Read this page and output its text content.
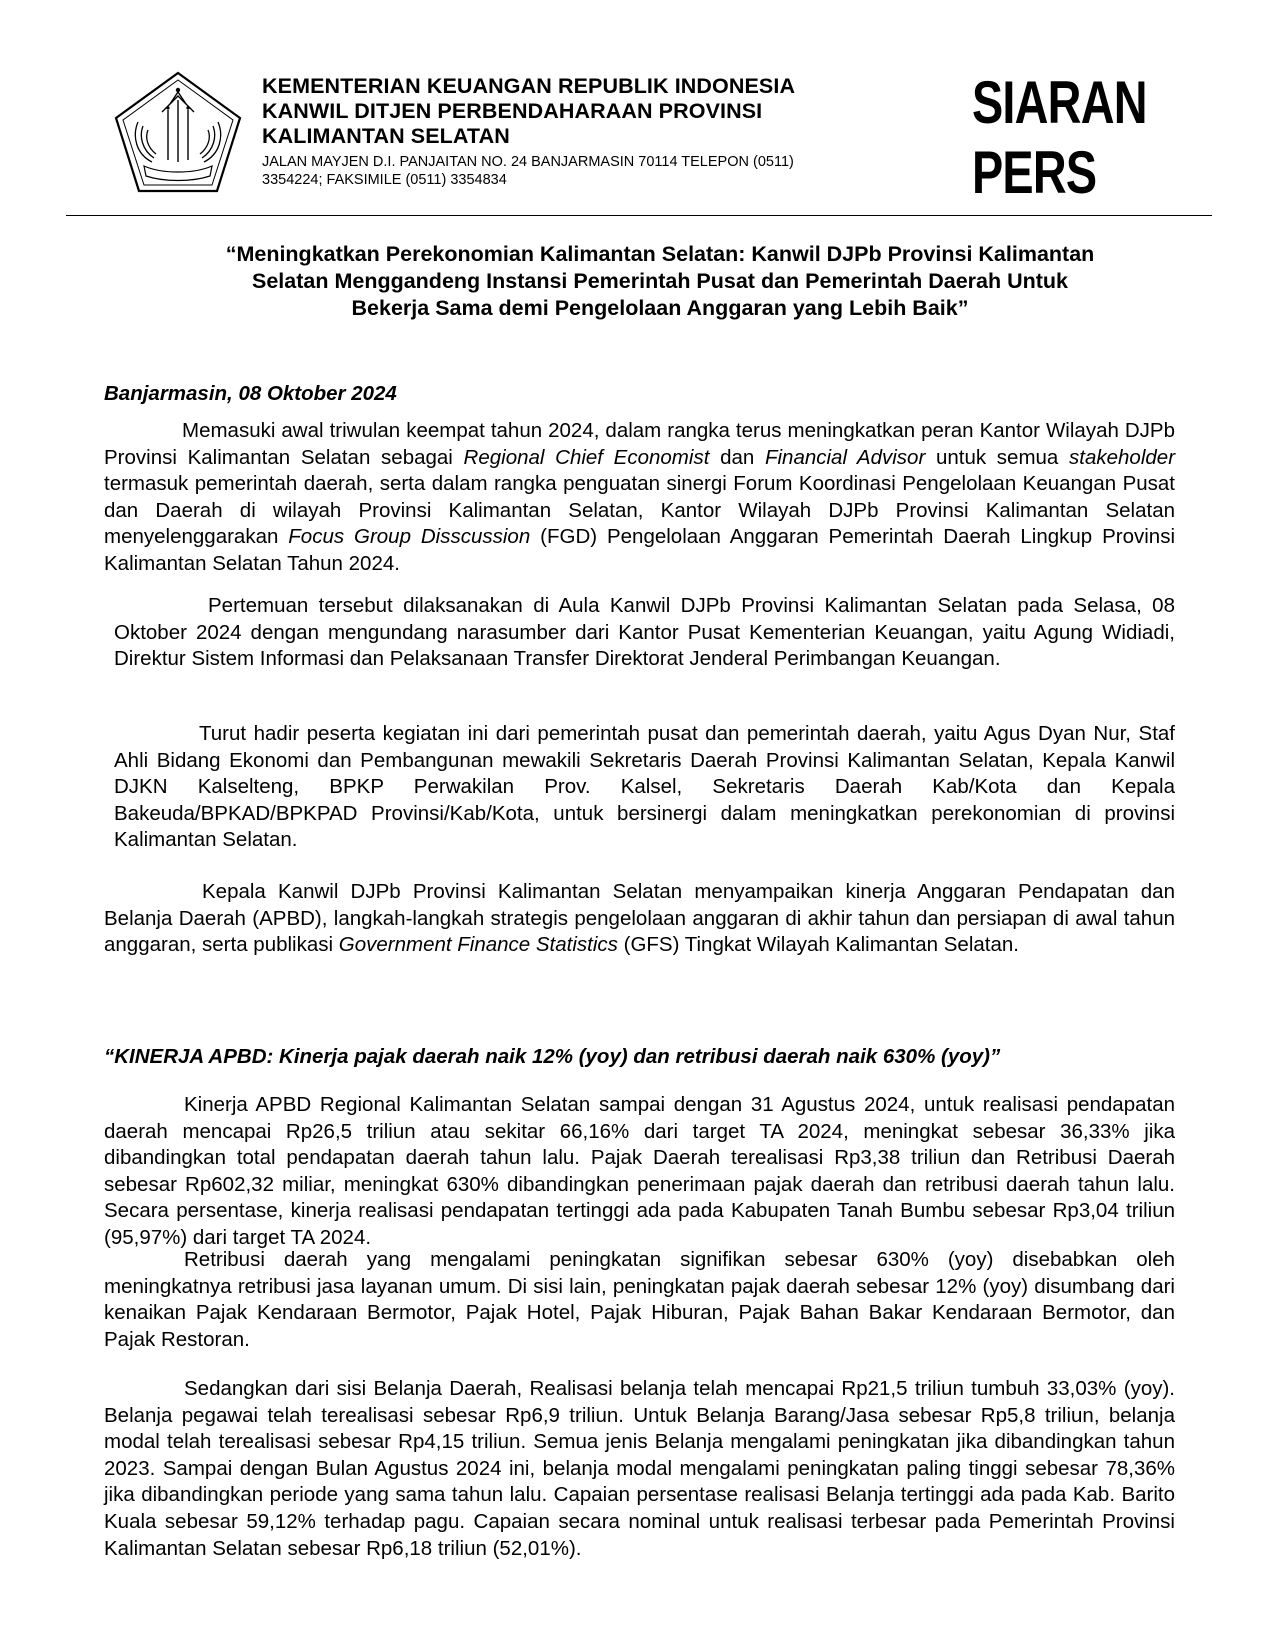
KEMENTERIAN KEUANGAN REPUBLIK INDONESIA
KANWIL DITJEN PERBENDAHARAAN PROVINSI
KALIMANTAN SELATAN
JALAN MAYJEN D.I. PANJAITAN NO. 24 BANJARMASIN 70114 TELEPON (0511)
3354224; FAKSIMILE (0511) 3354834
SIARAN PERS
“Meningkatkan Perekonomian Kalimantan Selatan: Kanwil DJPb Provinsi Kalimantan
Selatan Menggandeng Instansi Pemerintah Pusat dan Pemerintah Daerah Untuk
Bekerja Sama demi Pengelolaan Anggaran yang Lebih Baik”
Banjarmasin, 08 Oktober 2024

Memasuki awal triwulan keempat tahun 2024, dalam rangka terus meningkatkan peran Kantor Wilayah DJPb Provinsi Kalimantan Selatan sebagai Regional Chief Economist dan Financial Advisor untuk semua stakeholder termasuk pemerintah daerah, serta dalam rangka penguatan sinergi Forum Koordinasi Pengelolaan Keuangan Pusat dan Daerah di wilayah Provinsi Kalimantan Selatan, Kantor Wilayah DJPb Provinsi Kalimantan Selatan menyelenggarakan Focus Group Disscussion (FGD) Pengelolaan Anggaran Pemerintah Daerah Lingkup Provinsi Kalimantan Selatan Tahun 2024.

Pertemuan tersebut dilaksanakan di Aula Kanwil DJPb Provinsi Kalimantan Selatan pada Selasa, 08 Oktober 2024 dengan mengundang narasumber dari Kantor Pusat Kementerian Keuangan, yaitu Agung Widiadi, Direktur Sistem Informasi dan Pelaksanaan Transfer Direktorat Jenderal Perimbangan Keuangan.

Turut hadir peserta kegiatan ini dari pemerintah pusat dan pemerintah daerah, yaitu Agus Dyan Nur, Staf Ahli Bidang Ekonomi dan Pembangunan mewakili Sekretaris Daerah Provinsi Kalimantan Selatan, Kepala Kanwil DJKN Kalselteng, BPKP Perwakilan Prov. Kalsel, Sekretaris Daerah Kab/Kota dan Kepala Bakeuda/BPKAD/BPKPAD Provinsi/Kab/Kota, untuk bersinergi dalam meningkatkan perekonomian di provinsi Kalimantan Selatan.

Kepala Kanwil DJPb Provinsi Kalimantan Selatan menyampaikan kinerja Anggaran Pendapatan dan Belanja Daerah (APBD), langkah-langkah strategis pengelolaan anggaran di akhir tahun dan persiapan di awal tahun anggaran, serta publikasi Government Finance Statistics (GFS) Tingkat Wilayah Kalimantan Selatan.

“KINERJA APBD: Kinerja pajak daerah naik 12% (yoy) dan retribusi daerah naik 630% (yoy)”

Kinerja APBD Regional Kalimantan Selatan sampai dengan 31 Agustus 2024, untuk realisasi pendapatan daerah mencapai Rp26,5 triliun atau sekitar 66,16% dari target TA 2024, meningkat sebesar 36,33% jika dibandingkan total pendapatan daerah tahun lalu. Pajak Daerah terealisasi Rp3,38 triliun dan Retribusi Daerah sebesar Rp602,32 miliar, meningkat 630% dibandingkan penerimaan pajak daerah dan retribusi daerah tahun lalu. Secara persentase, kinerja realisasi pendapatan tertinggi ada pada Kabupaten Tanah Bumbu sebesar Rp3,04 triliun (95,97%) dari target TA 2024.

Retribusi daerah yang mengalami peningkatan signifikan sebesar 630% (yoy) disebabkan oleh meningkatnya retribusi jasa layanan umum. Di sisi lain, peningkatan pajak daerah sebesar 12% (yoy) disumbang dari kenaikan Pajak Kendaraan Bermotor, Pajak Hotel, Pajak Hiburan, Pajak Bahan Bakar Kendaraan Bermotor, dan Pajak Restoran.

Sedangkan dari sisi Belanja Daerah, Realisasi belanja telah mencapai Rp21,5 triliun tumbuh 33,03% (yoy). Belanja pegawai telah terealisasi sebesar Rp6,9 triliun. Untuk Belanja Barang/Jasa sebesar Rp5,8 triliun, belanja modal telah terealisasi sebesar Rp4,15 triliun. Semua jenis Belanja mengalami peningkatan jika dibandingkan tahun 2023. Sampai dengan Bulan Agustus 2024 ini, belanja modal mengalami peningkatan paling tinggi sebesar 78,36% jika dibandingkan periode yang sama tahun lalu. Capaian persentase realisasi Belanja tertinggi ada pada Kab. Barito Kuala sebesar 59,12% terhadap pagu. Capaian secara nominal untuk realisasi terbesar pada Pemerintah Provinsi Kalimantan Selatan sebesar Rp6,18 triliun (52,01%).
